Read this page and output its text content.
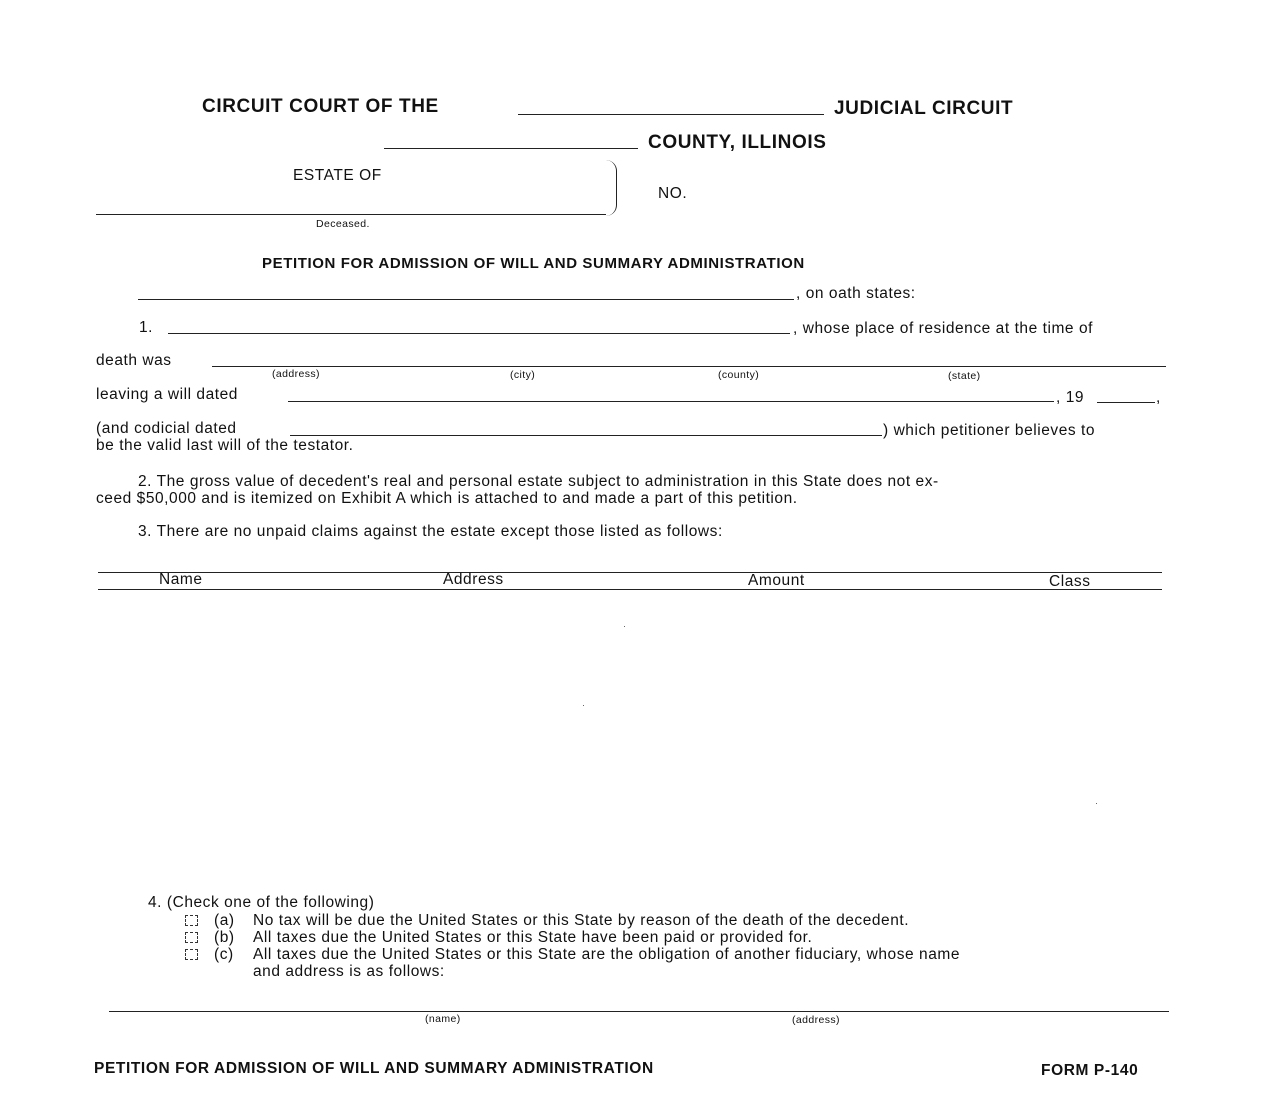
CIRCUIT COURT OF THE	JUDICIAL CIRCUIT
COUNTY, ILLINOIS
ESTATE OF
Deceased.
NO.
PETITION FOR ADMISSION OF WILL AND SUMMARY ADMINISTRATION
, on oath states:
1.	, whose place of residence at the time of
death was
(address)	(city)	(county)	(state)
leaving a will dated	, 19	,
(and codicial dated	) which petitioner believes to
be the valid last will of the testator.
2. The gross value of decedent's real and personal estate subject to administration in this State does not ex-
ceed $50,000 and is itemized on Exhibit A which is attached to and made a part of this petition.
3. There are no unpaid claims against the estate except those listed as follows:
Name	Address	Amount	Class
4. (Check one of the following)
(a) No tax will be due the United States or this State by reason of the death of the decedent.
(b) All taxes due the United States or this State have been paid or provided for.
(c) All taxes due the United States or this State are the obligation of another fiduciary, whose name
and address is as follows:
(name)	(address)
PETITION FOR ADMISSION OF WILL AND SUMMARY ADMINISTRATION	FORM P-140
